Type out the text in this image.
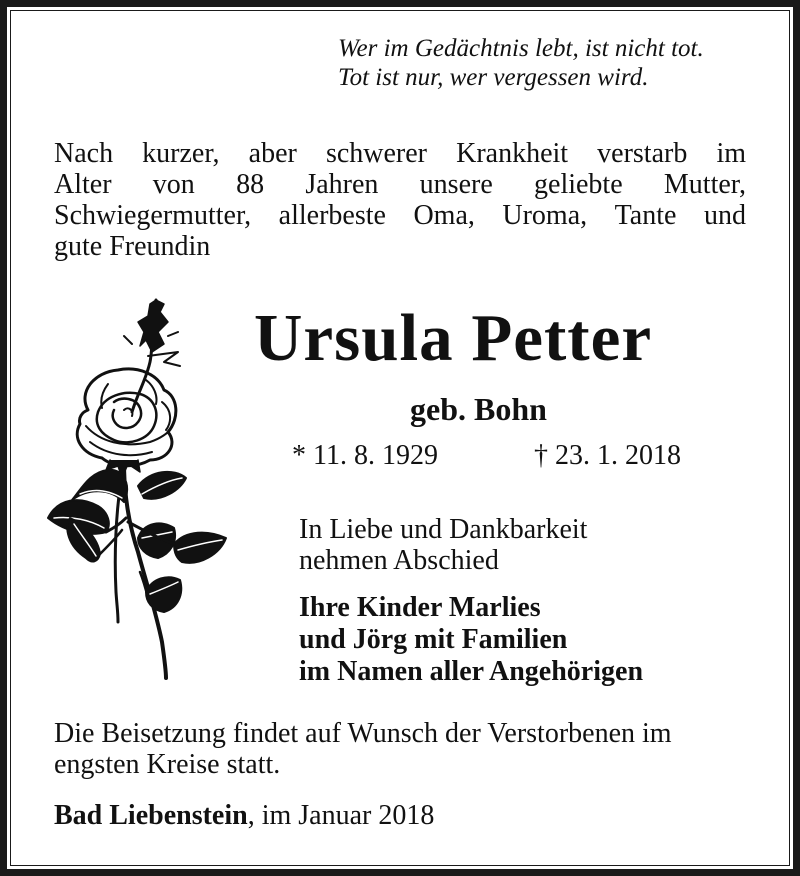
Wer im Gedächtnis lebt, ist nicht tot.
Tot ist nur, wer vergessen wird.
Nach kurzer, aber schwerer Krankheit verstarb im
Alter von 88 Jahren unsere geliebte Mutter,
Schwiegermutter, allerbeste Oma, Uroma, Tante und
gute Freundin
Ursula Petter
geb. Bohn
* 11. 8. 1929	† 23. 1. 2018
In Liebe und Dankbarkeit
nehmen Abschied
Ihre Kinder Marlies
und Jörg mit Familien
im Namen aller Angehörigen
Die Beisetzung findet auf Wunsch der Verstorbenen im
engsten Kreise statt.
Bad Liebenstein, im Januar 2018
